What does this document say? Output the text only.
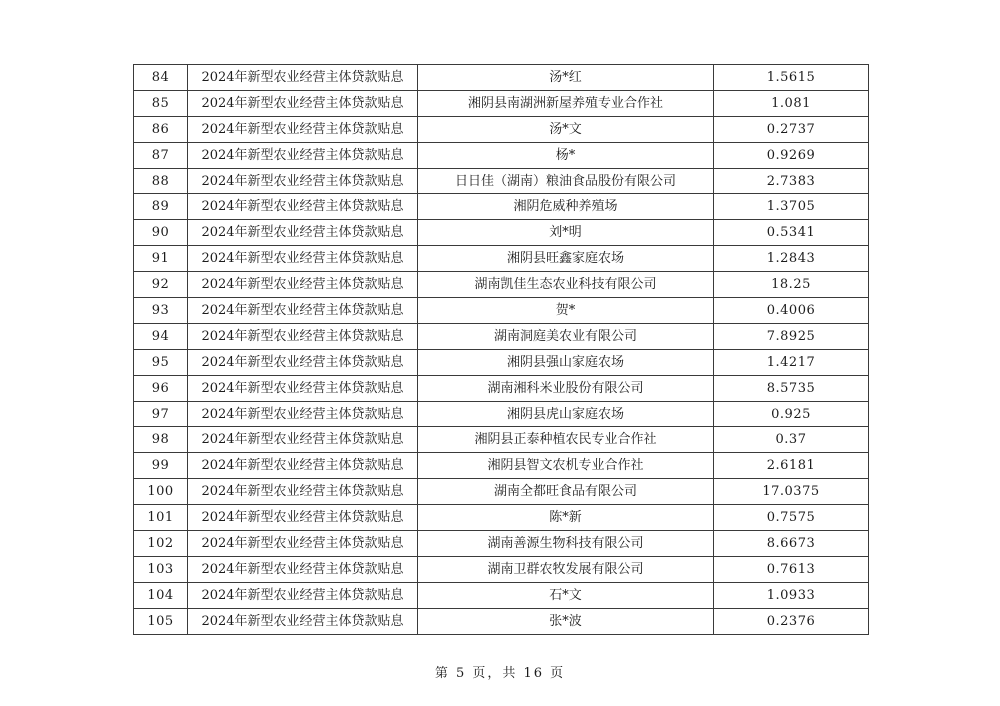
84	2024年新型农业经营主体贷款贴息	汤*红	1.5615
85	2024年新型农业经营主体贷款贴息	湘阴县南湖洲新屋养殖专业合作社	1.081
86	2024年新型农业经营主体贷款贴息	汤*文	0.2737
87	2024年新型农业经营主体贷款贴息	杨*	0.9269
88	2024年新型农业经营主体贷款贴息	日日佳（湖南）粮油食品股份有限公司	2.7383
89	2024年新型农业经营主体贷款贴息	湘阴危威种养殖场	1.3705
90	2024年新型农业经营主体贷款贴息	刘*明	0.5341
91	2024年新型农业经营主体贷款贴息	湘阴县旺鑫家庭农场	1.2843
92	2024年新型农业经营主体贷款贴息	湖南凯佳生态农业科技有限公司	18.25
93	2024年新型农业经营主体贷款贴息	贺*	0.4006
94	2024年新型农业经营主体贷款贴息	湖南洞庭美农业有限公司	7.8925
95	2024年新型农业经营主体贷款贴息	湘阴县强山家庭农场	1.4217
96	2024年新型农业经营主体贷款贴息	湖南湘科米业股份有限公司	8.5735
97	2024年新型农业经营主体贷款贴息	湘阴县虎山家庭农场	0.925
98	2024年新型农业经营主体贷款贴息	湘阴县正泰种植农民专业合作社	0.37
99	2024年新型农业经营主体贷款贴息	湘阴县智文农机专业合作社	2.6181
100	2024年新型农业经营主体贷款贴息	湖南全都旺食品有限公司	17.0375
101	2024年新型农业经营主体贷款贴息	陈*新	0.7575
102	2024年新型农业经营主体贷款贴息	湖南善源生物科技有限公司	8.6673
103	2024年新型农业经营主体贷款贴息	湖南卫群农牧发展有限公司	0.7613
104	2024年新型农业经营主体贷款贴息	石*文	1.0933
105	2024年新型农业经营主体贷款贴息	张*波	0.2376
第 5 页，共 16 页
